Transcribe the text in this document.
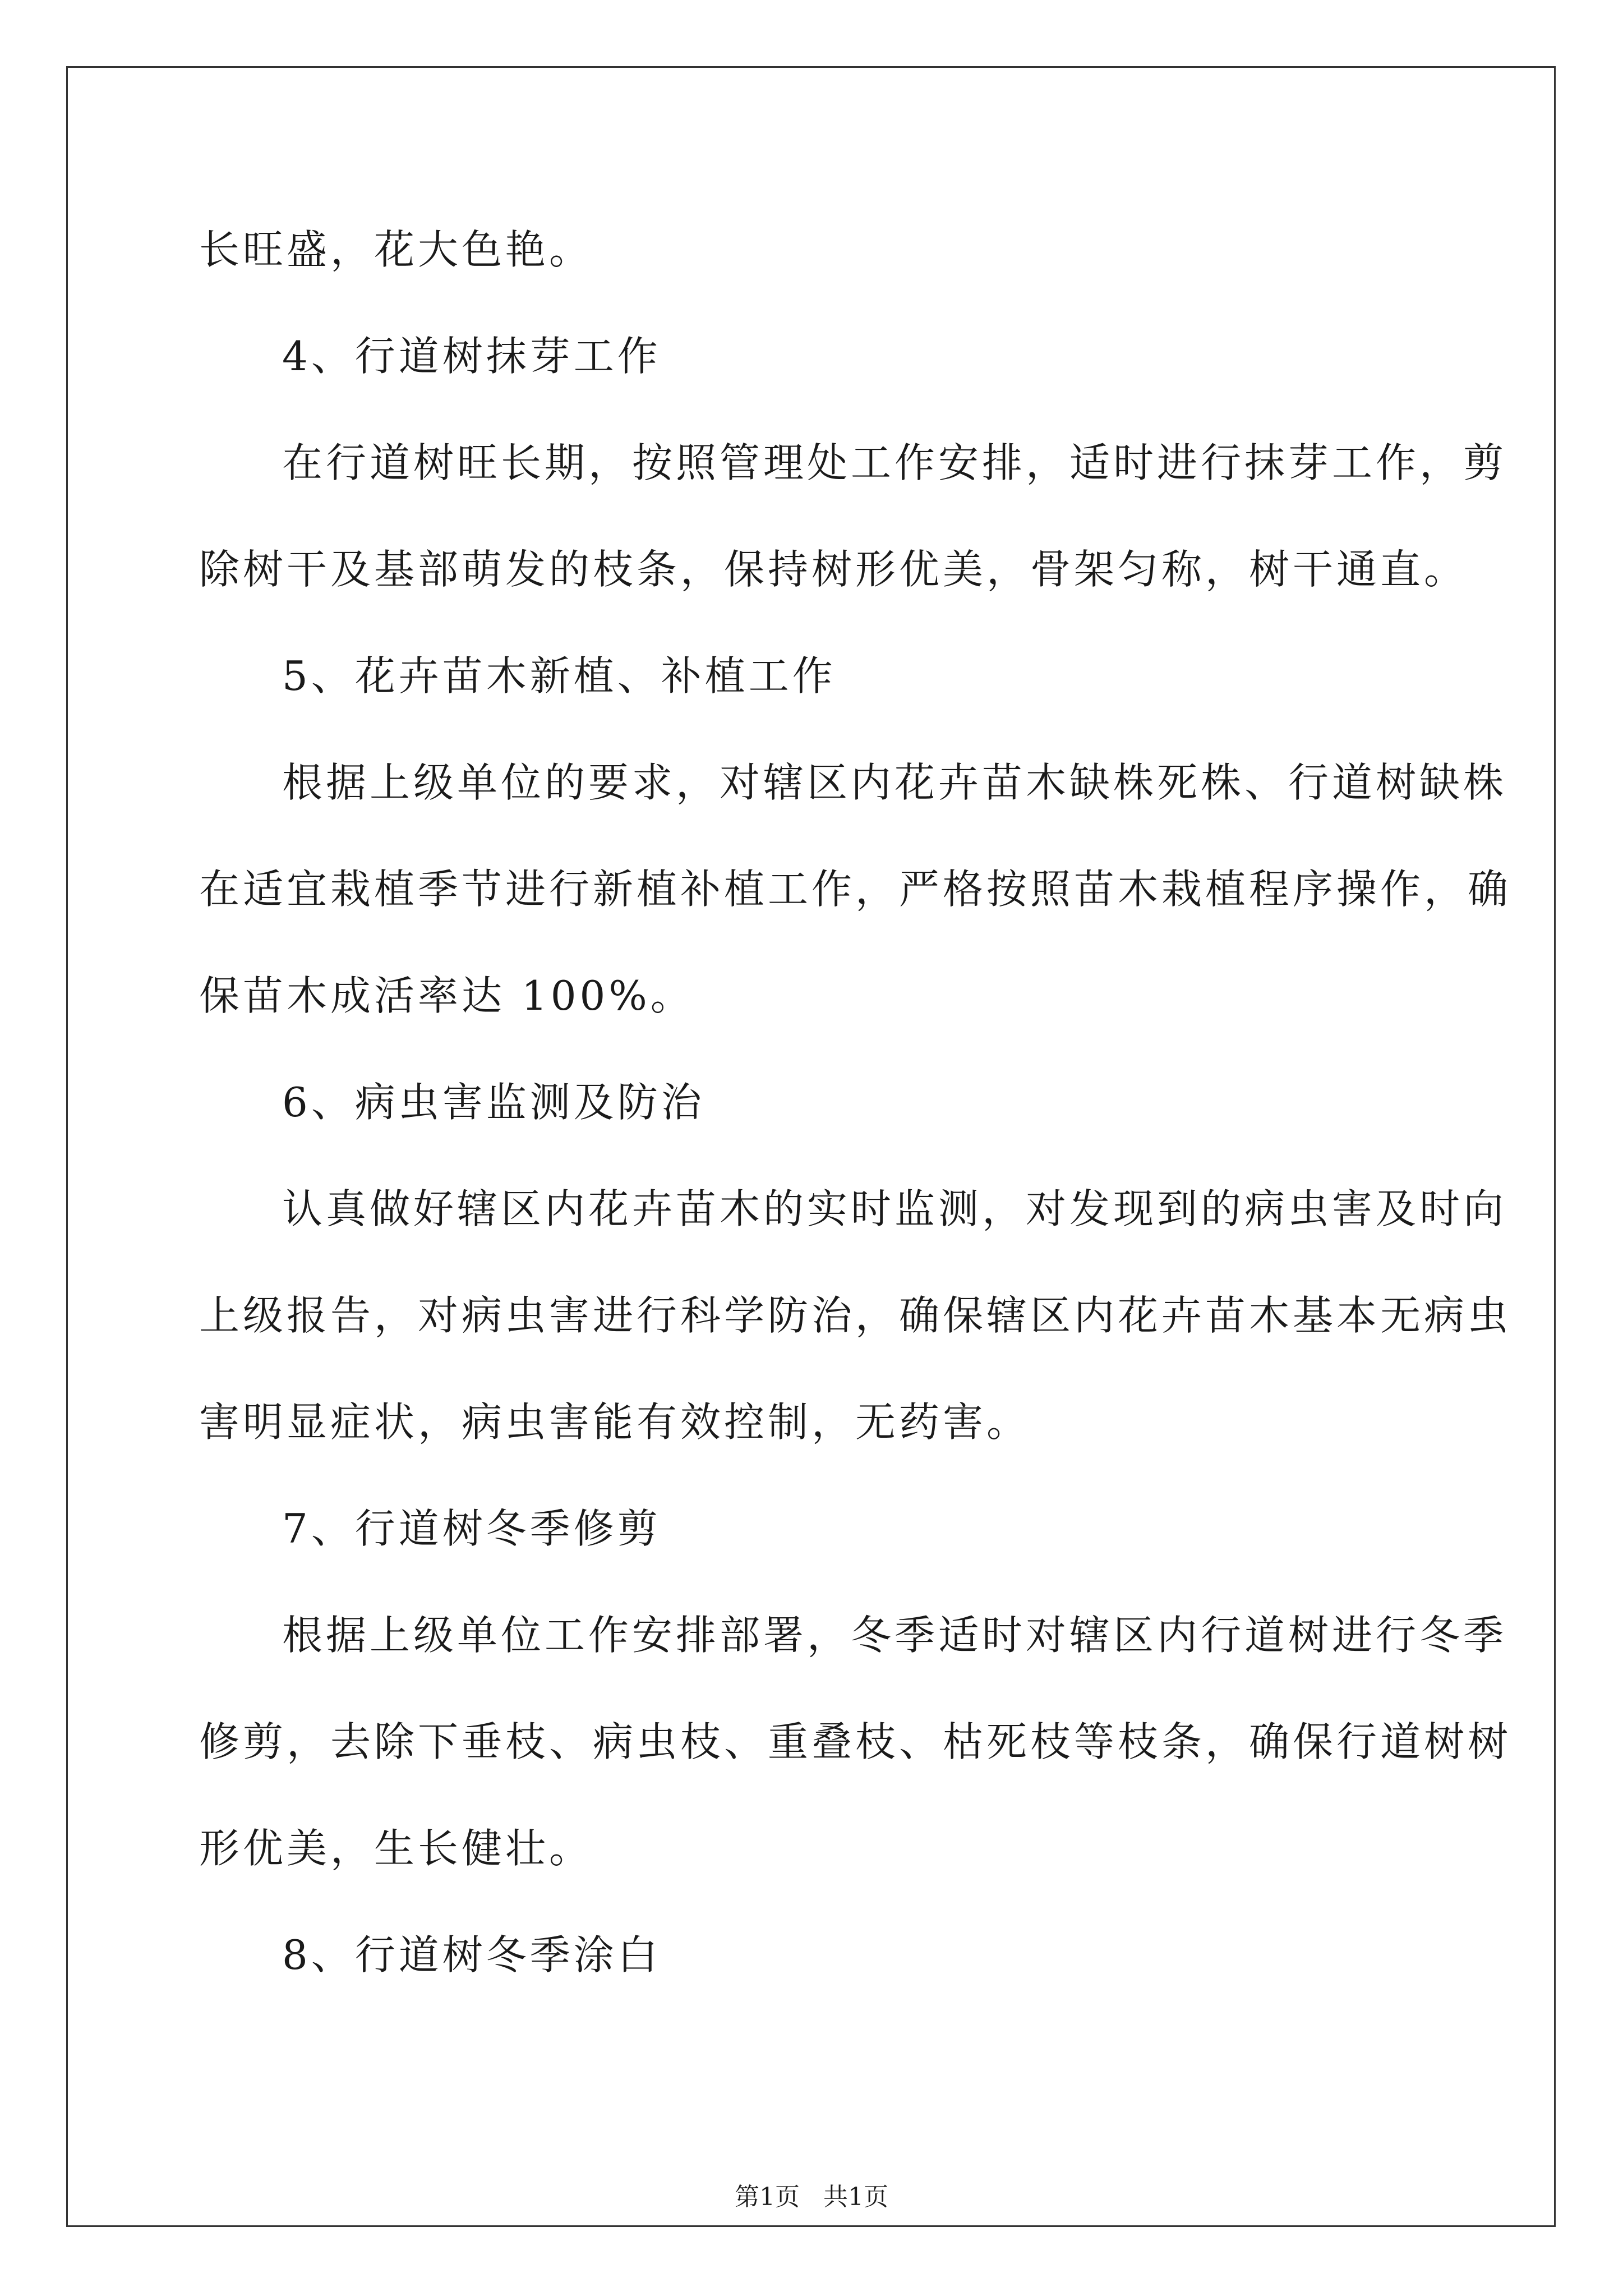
长旺盛，花大色艳。
4、行道树抹芽工作
在行道树旺长期，按照管理处工作安排，适时进行抹芽工作，剪
除树干及基部萌发的枝条，保持树形优美，骨架匀称，树干通直。
5、花卉苗木新植、补植工作
根据上级单位的要求，对辖区内花卉苗木缺株死株、行道树缺株
在适宜栽植季节进行新植补植工作，严格按照苗木栽植程序操作，确
保苗木成活率达 100%。
6、病虫害监测及防治
认真做好辖区内花卉苗木的实时监测，对发现到的病虫害及时向
上级报告，对病虫害进行科学防治，确保辖区内花卉苗木基本无病虫
害明显症状，病虫害能有效控制，无药害。
7、行道树冬季修剪
根据上级单位工作安排部署，冬季适时对辖区内行道树进行冬季
修剪，去除下垂枝、病虫枝、重叠枝、枯死枝等枝条，确保行道树树
形优美，生长健壮。
8、行道树冬季涂白
第1页   共1页
